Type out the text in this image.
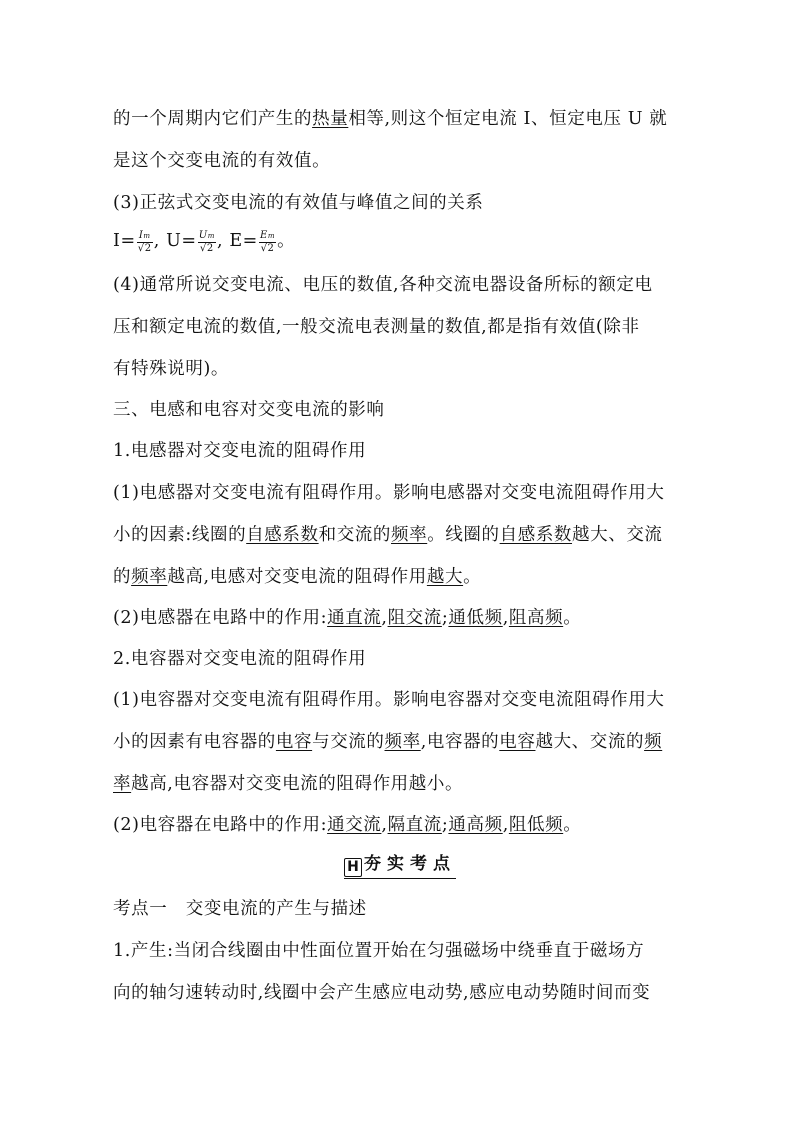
的一个周期内它们产生的热量相等,则这个恒定电流 I、恒定电压 U 就
是这个交变电流的有效值。
(3)正弦式交变电流的有效值与峰值之间的关系
$I= \frac{Im}{√2}$ , $U= \frac{Um}{√2}$ , $E= \frac{Em}{√2}$ 。
(4)通常所说交变电流、电压的数值,各种交流电器设备所标的额定电
压和额定电流的数值,一般交流电表测量的数值,都是指有效值(除非
有特殊说明)。
三、电感和电容对交变电流的影响
1.电感器对交变电流的阻碍作用
(1)电感器对交变电流有阻碍作用。影响电感器对交变电流阻碍作用大
小的因素:线圈的自感系数和交流的频率。线圈的自感系数越大、交流
的频率越高,电感对交变电流的阻碍作用越大。
(2)电感器在电路中的作用:通直流,阻交流;通低频,阻高频。
2.电容器对交变电流的阻碍作用
(1)电容器对交变电流有阻碍作用。影响电容器对交变电流阻碍作用大
小的因素有电容器的电容与交流的频率,电容器的电容越大、交流的频
率越高,电容器对交变电流的阻碍作用越小。
(2)电容器在电路中的作用:通交流,隔直流;通高频,阻低频。
H 夯实考点
考点一   交变电流的产生与描述
1.产生:当闭合线圈由中性面位置开始在匀强磁场中绕垂直于磁场方
向的轴匀速转动时,线圈中会产生感应电动势,感应电动势随时间而变
